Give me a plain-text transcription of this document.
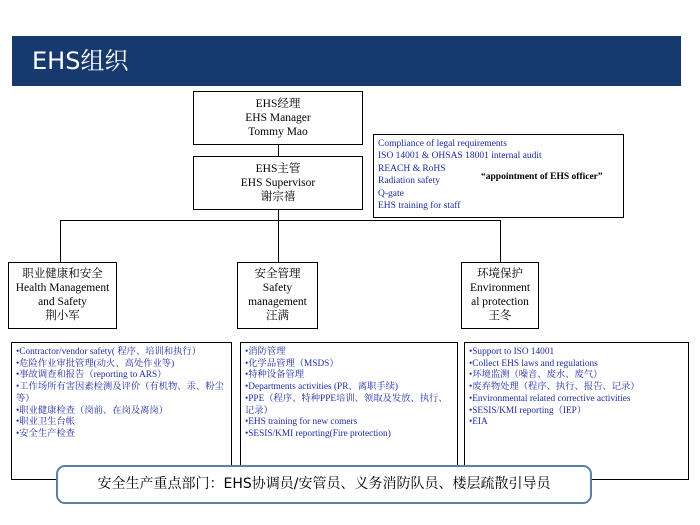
EHS组织
EHS经理
EHS Manager
Tommy Mao
EHS主管
EHS Supervisor
谢宗禧
Compliance of legal requirements
ISO 14001 & OHSAS 18001 internal audit
REACH & RoHS
Radiation safety
Q-gate
EHS training for staff
“appointment of EHS officer”
职业健康和安全
Health Management
and Safety
荆小军
安全管理
Safety
management
汪满
环境保护
Environment
al protection
王冬
•Contractor/vendor safety( 程序、培训和执行）
•危险作业审批管理(动火、高处作业等)
•事故调查和报告（reporting to ARS）
•工作场所有害因素检测及评价（有机物、汞、粉尘等）
•职业健康检查（岗前、在岗及离岗）
•职业卫生台帐
•安全生产检查
•消防管理
•化学品管理（MSDS）
•特种设备管理
•Departments activities (PR、离职手续)
•PPE（程序、特种PPE培训、领取及发放、执行、记录）
•EHS training for new comers
•SESIS/KMI reporting(Fire protection)
•Support to ISO 14001
•Collect EHS laws and regulations
•环境监测（噪音、废水、废气）
•废弃物处理（程序、执行、报告、记录）
•Environmental related corrective activities
•SESIS/KMI reporting（IEP）
•EIA
安全生产重点部门：EHS协调员/安管员、义务消防队员、楼层疏散引导员
